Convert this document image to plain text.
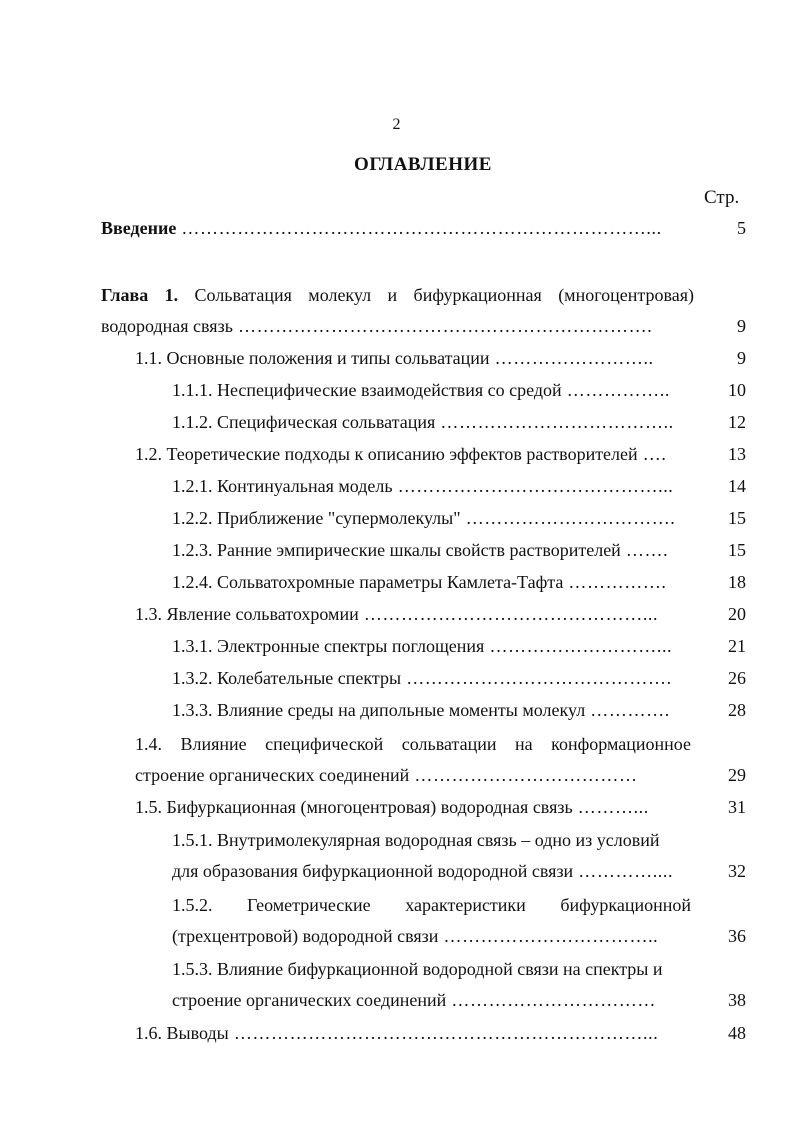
2
ОГЛАВЛЕНИЕ
Стр.
Введение …………………………………………………………………...	5
Глава 1. Сольватация молекул и бифуркационная (многоцентровая)
водородная связь ………………………………………………………….	9
1.1. Основные положения и типы сольватации ……………………..	9
1.1.1. Неспецифические взаимодействия со средой ……………..	10
1.1.2. Специфическая сольватация ………………………………..	12
1.2. Теоретические подходы к описанию эффектов растворителей ….	13
1.2.1. Континуальная модель ……………………………………...	14
1.2.2. Приближение "супермолекулы" …………………………….	15
1.2.3. Ранние эмпирические шкалы свойств растворителей …….	15
1.2.4. Сольватохромные параметры Камлета-Тафта …………….	18
1.3. Явление сольватохромии ………………………………………...	20
1.3.1. Электронные спектры поглощения ………………………...	21
1.3.2. Колебательные спектры …………………………………….	26
1.3.3. Влияние среды на дипольные моменты молекул ………….	28
1.4. Влияние специфической сольватации на конформационное
строение органических соединений ………………………………	29
1.5. Бифуркационная (многоцентровая) водородная связь ………...	31
1.5.1. Внутримолекулярная водородная связь – одно из условий
для образования бифуркационной водородной связи …………....	32
1.5.2. Геометрические характеристики бифуркационной
(трехцентровой) водородной связи ……………………………..	36
1.5.3. Влияние бифуркационной водородной связи на спектры и
строение органических соединений ……………………………	38
1.6. Выводы …………………………………………………………...	48
